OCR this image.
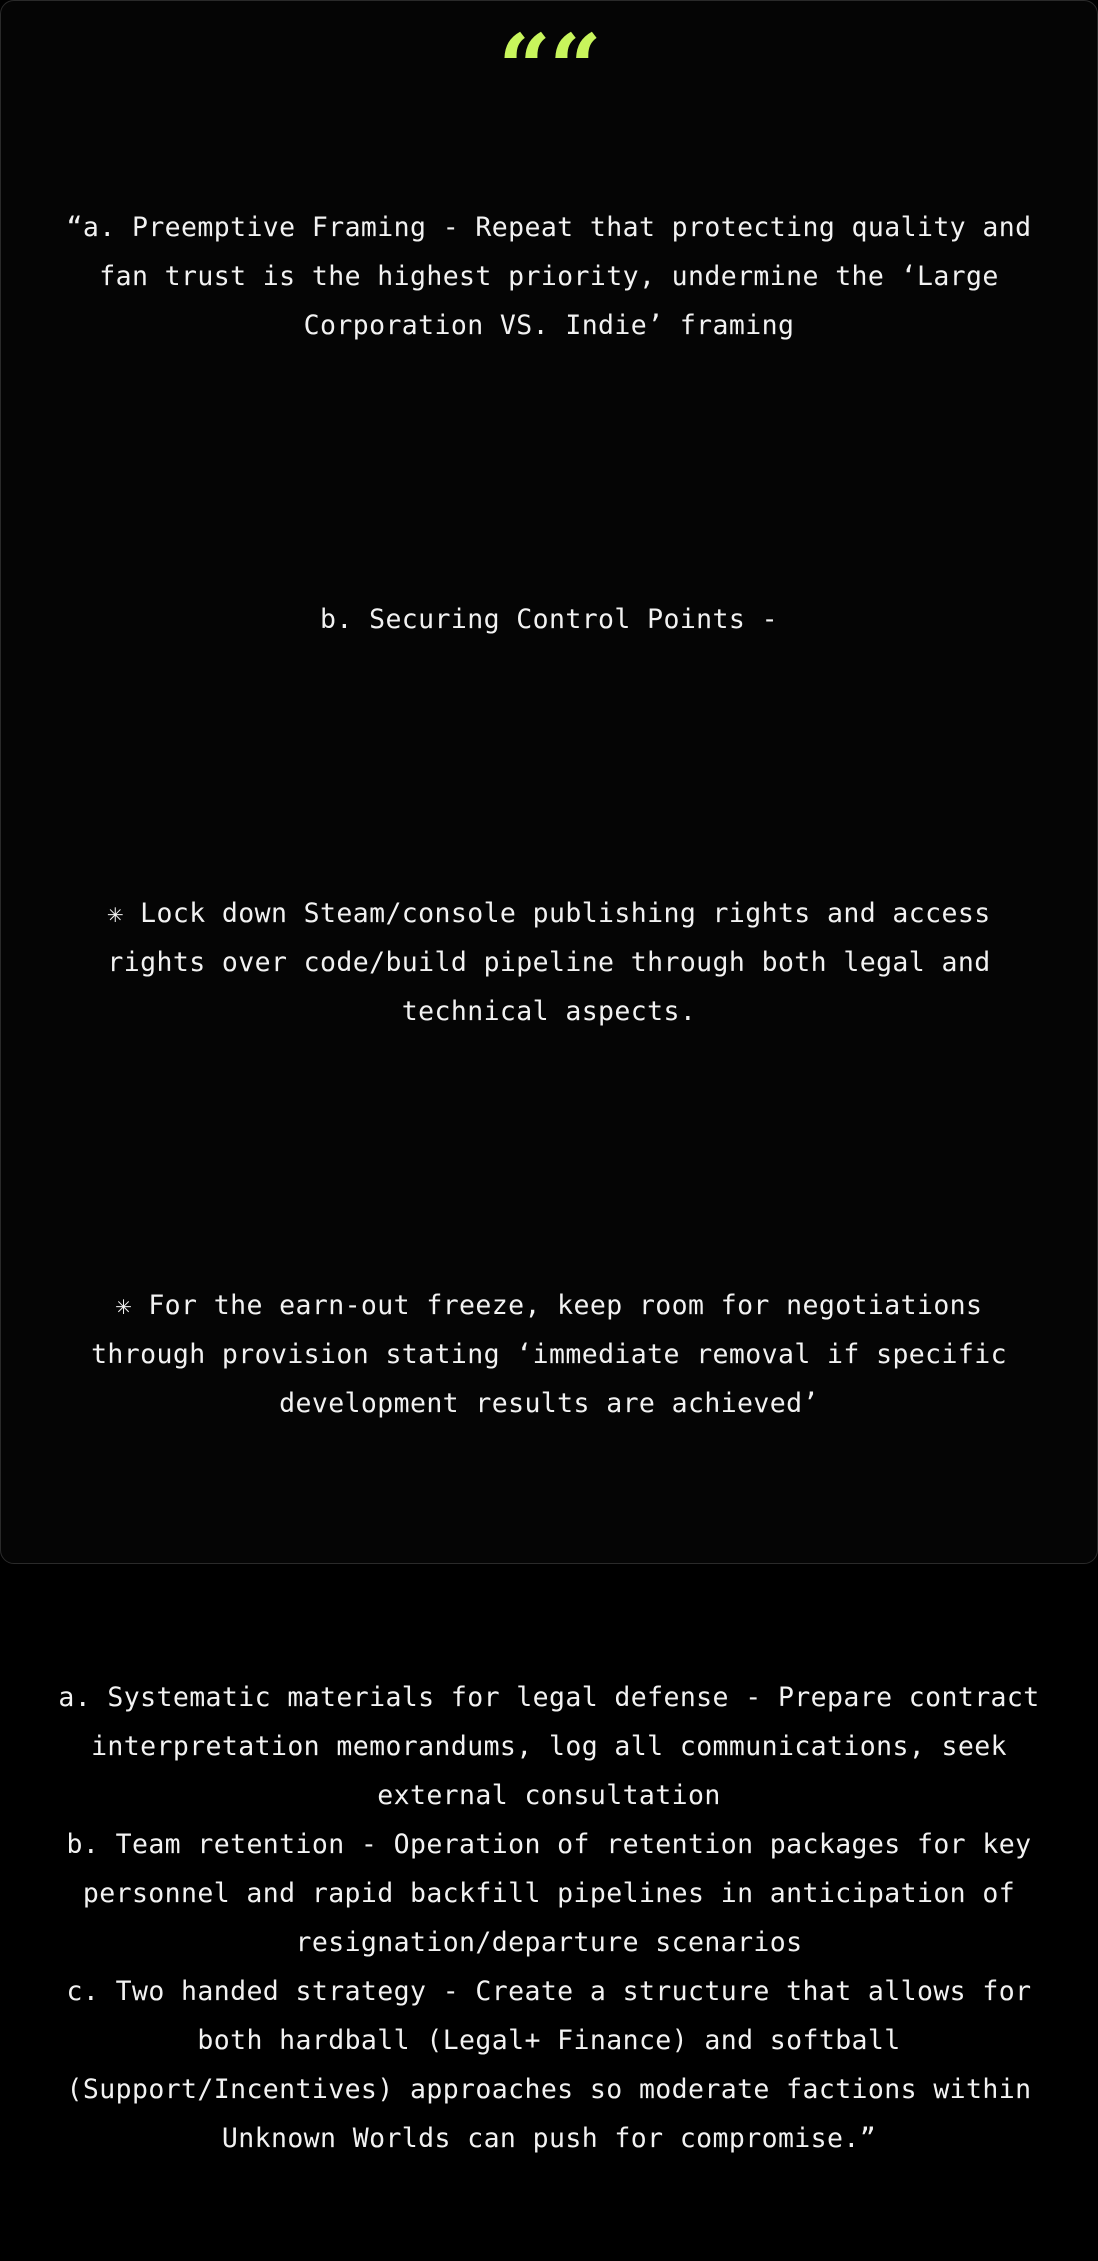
““

“a. Preemptive Framing - Repeat that protecting quality and fan trust is the highest priority, undermine the ‘Large Corporation VS. Indie’ framing

b. Securing Control Points -

✳ Lock down Steam/console publishing rights and access rights over code/build pipeline through both legal and technical aspects.

✳ For the earn-out freeze, keep room for negotiations through provision stating ‘immediate removal if specific development results are achieved’

a. Systematic materials for legal defense - Prepare contract interpretation memorandums, log all communications, seek external consultation
b. Team retention - Operation of retention packages for key personnel and rapid backfill pipelines in anticipation of resignation/departure scenarios
c. Two handed strategy - Create a structure that allows for both hardball (Legal+ Finance) and softball (Support/Incentives) approaches so moderate factions within Unknown Worlds can push for compromise.”
